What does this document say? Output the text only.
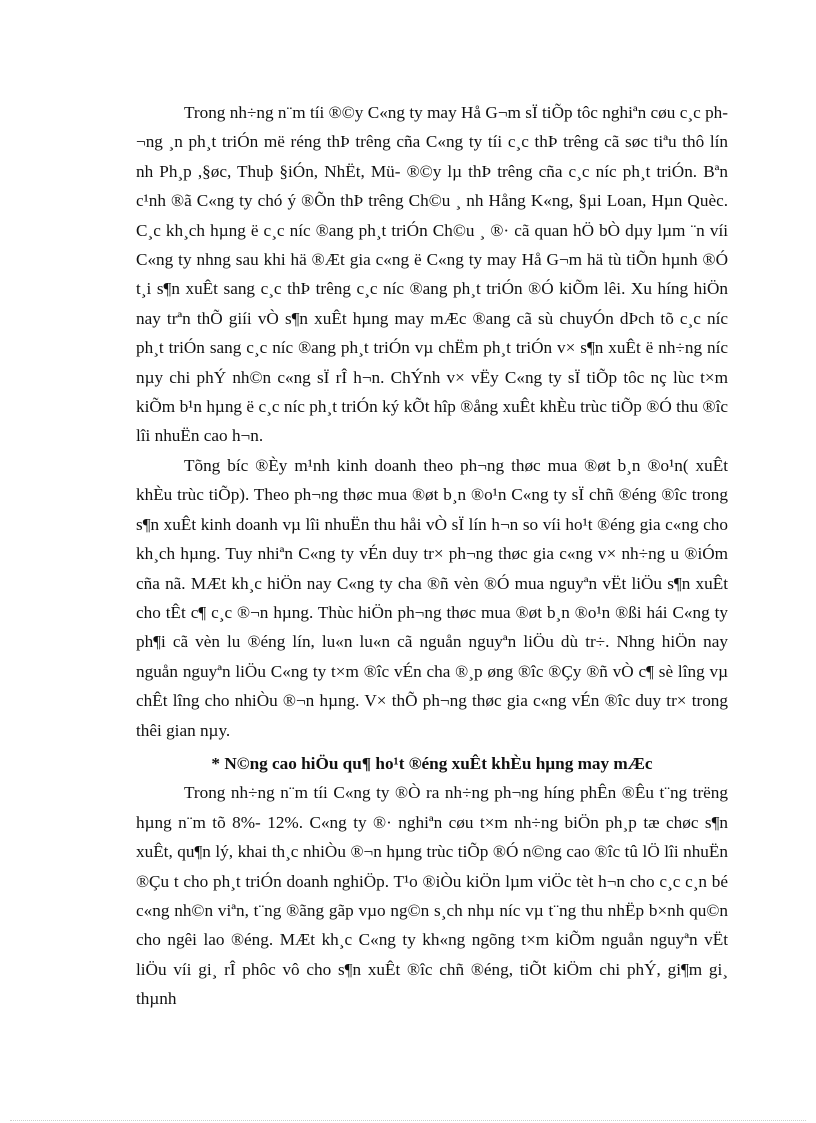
Trong nh÷ng n¨m tíi ®©y C«ng ty may Hå G¬m sÏ tiÕp tôc nghiªn cøu c¸c ph¬ng ¸n ph¸t triÓn më réng thÞ trêng cña C«ng ty tíi c¸c thÞ trêng cã søc tiªu thô lín nh Ph¸p ,§øc, Thuþ §iÓn, NhËt, Mü- ®©y lµ thÞ trêng cña c¸c níc ph¸t triÓn. Bªn c¹nh ®ã C«ng ty chó ý ®Õn thÞ trêng Ch©u ¸ nh Hång K«ng, §µi Loan, Hµn Quèc. C¸c kh¸ch hµng ë c¸c níc ®ang ph¸t triÓn Ch©u ¸ ®· cã quan hÖ bÒ dµy lµm ¨n víi C«ng ty nhng sau khi hä ®Æt gia c«ng ë C«ng ty may Hå G¬m hä tù tiÕn hµnh ®Ó t¸i s¶n xuÊt sang c¸c thÞ trêng c¸c níc ®ang ph¸t triÓn ®Ó kiÕm lêi. Xu híng hiÖn nay trªn thÕ giíi vÒ s¶n xuÊt hµng may mÆc ®ang cã sù chuyÓn dÞch tõ c¸c níc ph¸t triÓn sang c¸c níc ®ang ph¸t triÓn vµ chËm ph¸t triÓn v× s¶n xuÊt ë nh÷ng níc nµy chi phÝ nh©n c«ng sÏ rÎ h¬n. ChÝnh v× vËy C«ng ty sÏ tiÕp tôc nç lùc t×m kiÕm b¹n hµng ë c¸c níc ph¸t triÓn ký kÕt hîp ®ång xuÊt khÈu trùc tiÕp ®Ó thu ®îc lîi nhuËn cao h¬n.

Tõng bíc ®Èy m¹nh kinh doanh theo ph¬ng thøc mua ®øt b¸n ®o¹n( xuÊt khÈu trùc tiÕp). Theo ph¬ng thøc mua ®øt b¸n ®o¹n C«ng ty sÏ chñ ®éng ®îc trong s¶n xuÊt kinh doanh vµ lîi nhuËn thu håi vÒ sÏ lín h¬n so víi ho¹t ®éng gia c«ng cho kh¸ch hµng. Tuy nhiªn C«ng ty vÉn duy tr× ph¬ng thøc gia c«ng v× nh÷ng u ®iÓm cña nã. MÆt kh¸c hiÖn nay C«ng ty cha ®ñ vèn ®Ó mua nguyªn vËt liÖu s¶n xuÊt cho tÊt c¶ c¸c ®¬n hµng. Thùc hiÖn ph¬ng thøc mua ®øt b¸n ®o¹n ®ßi hái C«ng ty ph¶i cã vèn lu ®éng lín, lu«n lu«n cã nguån nguyªn liÖu dù tr÷. Nhng hiÖn nay nguån nguyªn liÖu C«ng ty t×m ®îc vÉn cha ®¸p øng ®îc ®Çy ®ñ vÒ c¶ sè lîng vµ chÊt lîng cho nhiÒu ®¬n hµng. V× thÕ ph¬ng thøc gia c«ng vÉn ®îc duy tr× trong thêi gian nµy.

* N©ng cao hiÖu qu¶ ho¹t ®éng xuÊt khÈu hµng may mÆc

Trong nh÷ng n¨m tíi C«ng ty ®Ò ra nh÷ng ph¬ng híng phÊn ®Êu t¨ng trëng hµng n¨m tõ 8%- 12%. C«ng ty ®· nghiªn cøu t×m nh÷ng biÖn ph¸p tæ chøc s¶n xuÊt, qu¶n lý, khai th¸c nhiÒu ®¬n hµng trùc tiÕp ®Ó n©ng cao ®îc tû lÖ lîi nhuËn ®Çu t cho ph¸t triÓn doanh nghiÖp. T¹o ®iÒu kiÖn lµm viÖc tèt h¬n cho c¸c c¸n bé c«ng nh©n viªn, t¨ng ®ãng gãp vµo ng©n s¸ch nhµ níc vµ t¨ng thu nhËp b×nh qu©n cho ngêi lao ®éng. MÆt kh¸c C«ng ty kh«ng ngõng t×m kiÕm nguån nguyªn vËt liÖu víi gi¸ rÎ phôc vô cho s¶n xuÊt ®îc chñ ®éng, tiÕt kiÖm chi phÝ, gi¶m gi¸ thµnh
